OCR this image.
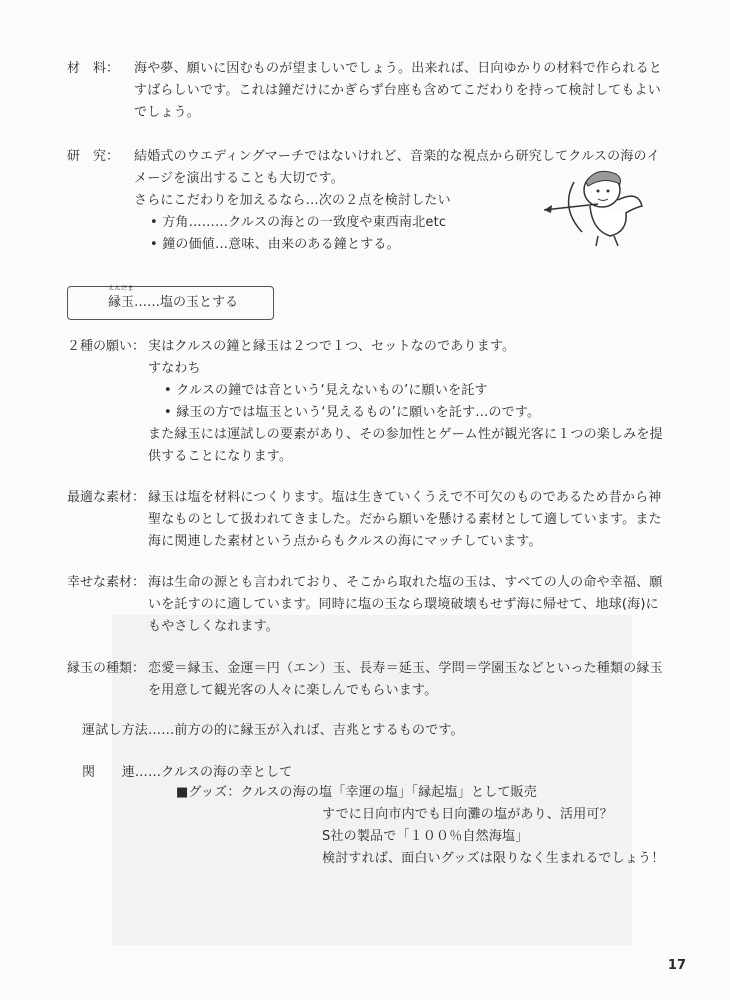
材　料： 海や夢、願いに因むものが望ましいでしょう。出来れば、日向ゆかりの材料で作られると
すばらしいです。これは鐘だけにかぎらず台座も含めてこだわりを持って検討してもよい
でしょう。
研　究： 結婚式のウエディングマーチではないけれど、音楽的な視点から研究してクルスの海のイ
メージを演出することも大切です。
さらにこだわりを加えるなら…次の２点を検討したい
• 方角………クルスの海との一致度や東西南北etc
• 鐘の価値…意味、由来のある鐘とする。
えんだま
縁玉……塩の玉とする
２種の願い： 実はクルスの鐘と縁玉は２つで１つ、セットなのであります。
すなわち
• クルスの鐘では音という‘見えないもの’に願いを託す
• 縁玉の方では塩玉という‘見えるもの’に願いを託す…のです。
また縁玉には運試しの要素があり、その参加性とゲーム性が観光客に１つの楽しみを提
供することになります。
最適な素材： 縁玉は塩を材料につくります。塩は生きていくうえで不可欠のものであるため昔から神
聖なものとして扱われてきました。だから願いを懸ける素材として適しています。また
海に関連した素材という点からもクルスの海にマッチしています。
幸せな素材： 海は生命の源とも言われており、そこから取れた塩の玉は、すべての人の命や幸福、願
いを託すのに適しています。同時に塩の玉なら環境破壊もせず海に帰せて、地球(海)に
もやさしくなれます。
縁玉の種類： 恋愛＝縁玉、金運＝円（エン）玉、長寿＝延玉、学問＝学園玉などといった種類の縁玉
を用意して観光客の人々に楽しんでもらいます。
運試し方法……前方の的に縁玉が入れば、吉兆とするものです。
関　　連……クルスの海の幸として
■グッズ：クルスの海の塩「幸運の塩」「縁起塩」として販売
すでに日向市内でも日向灘の塩があり、活用可？
S社の製品で「１００％自然海塩」
検討すれば、面白いグッズは限りなく生まれるでしょう！
17
